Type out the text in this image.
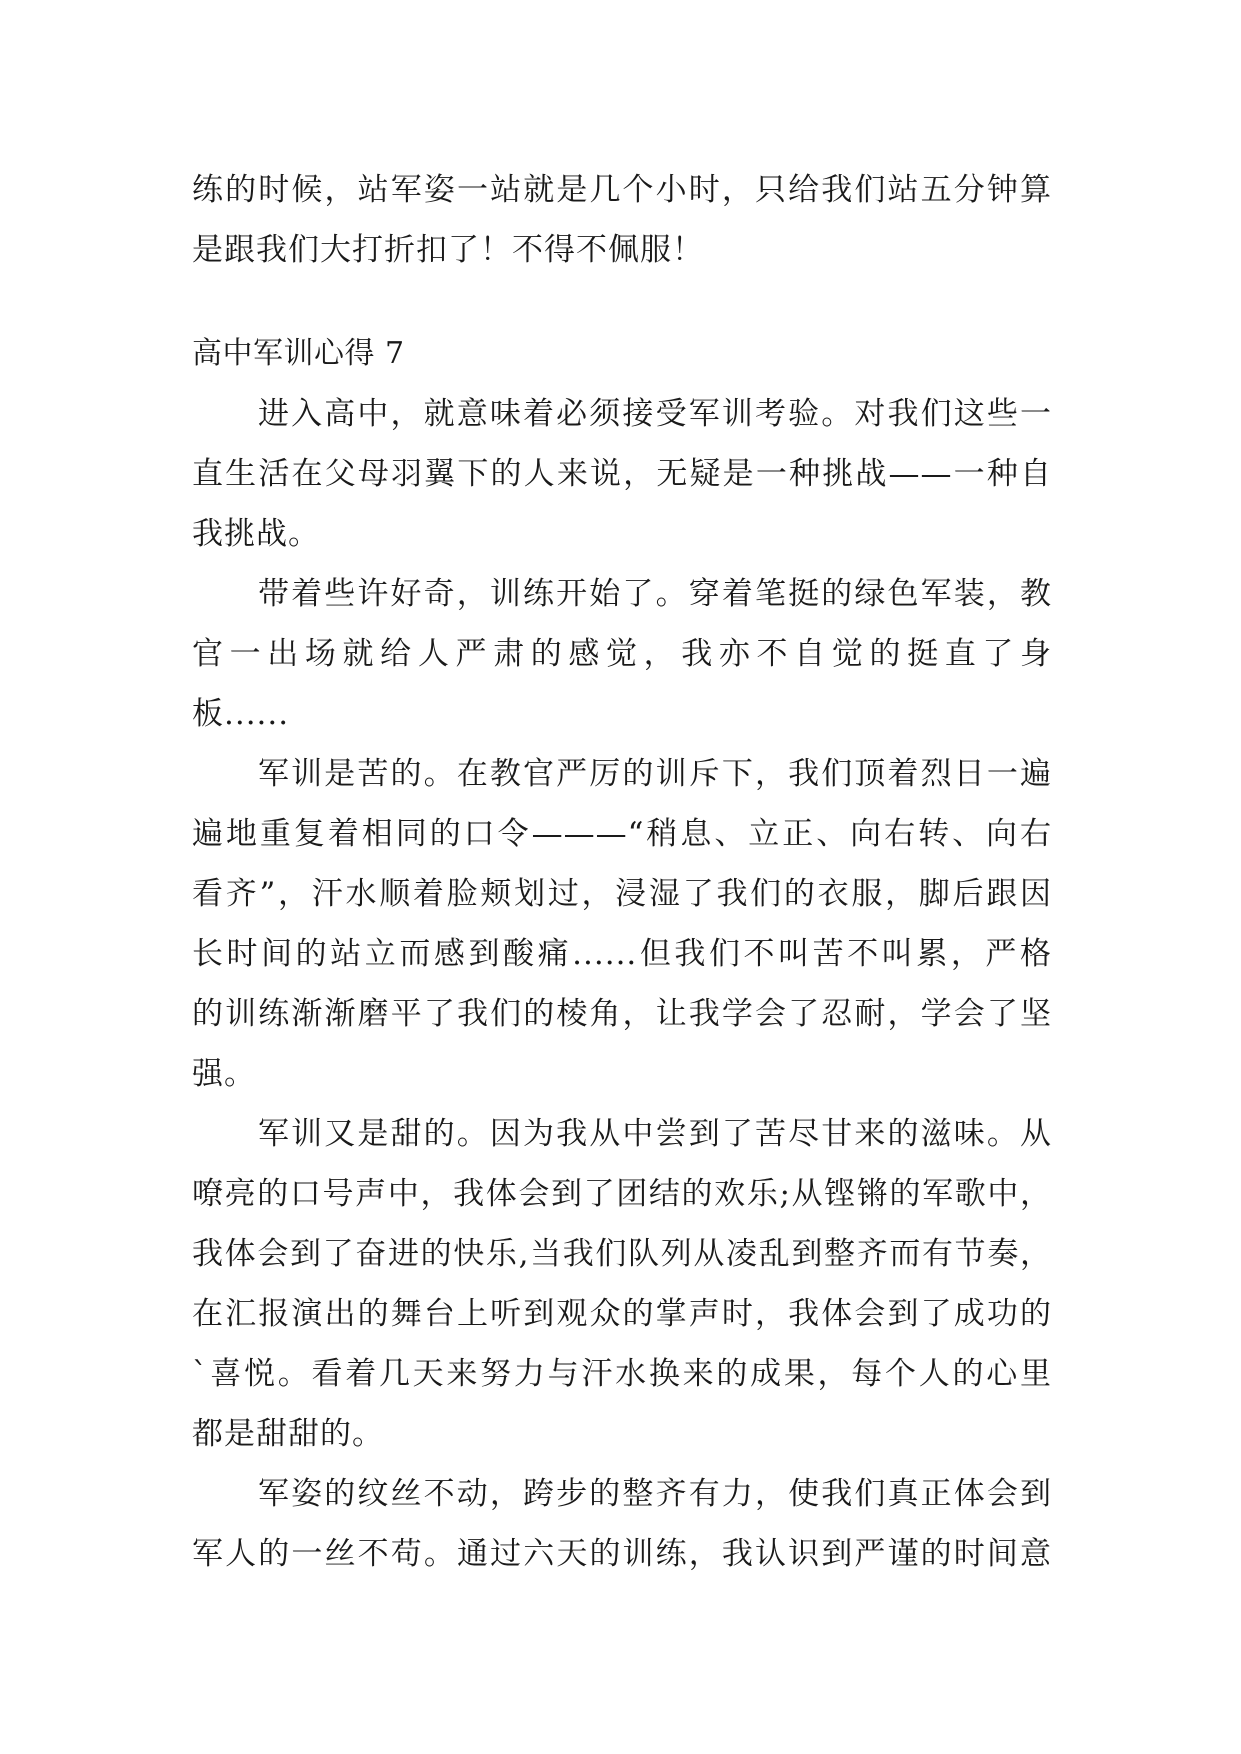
练的时候，站军姿一站就是几个小时，只给我们站五分钟算
是跟我们大打折扣了！不得不佩服！
高中军训心得 7
进入高中，就意味着必须接受军训考验。对我们这些一
直生活在父母羽翼下的人来说，无疑是一种挑战——一种自
我挑战。
带着些许好奇，训练开始了。穿着笔挺的绿色军装，教
官一出场就给人严肃的感觉，我亦不自觉的挺直了身
板......
军训是苦的。在教官严厉的训斥下，我们顶着烈日一遍
遍地重复着相同的口令———“稍息、立正、向右转、向右
看齐”，汗水顺着脸颊划过，浸湿了我们的衣服，脚后跟因
长时间的站立而感到酸痛......但我们不叫苦不叫累，严格
的训练渐渐磨平了我们的棱角，让我学会了忍耐，学会了坚
强。
军训又是甜的。因为我从中尝到了苦尽甘来的滋味。从
嘹亮的口号声中，我体会到了团结的欢乐;从铿锵的军歌中，
我体会到了奋进的快乐,当我们队列从凌乱到整齐而有节奏，
在汇报演出的舞台上听到观众的掌声时，我体会到了成功的
`喜悦。看着几天来努力与汗水换来的成果，每个人的心里
都是甜甜的。
军姿的纹丝不动，跨步的整齐有力，使我们真正体会到
军人的一丝不苟。通过六天的训练，我认识到严谨的时间意
